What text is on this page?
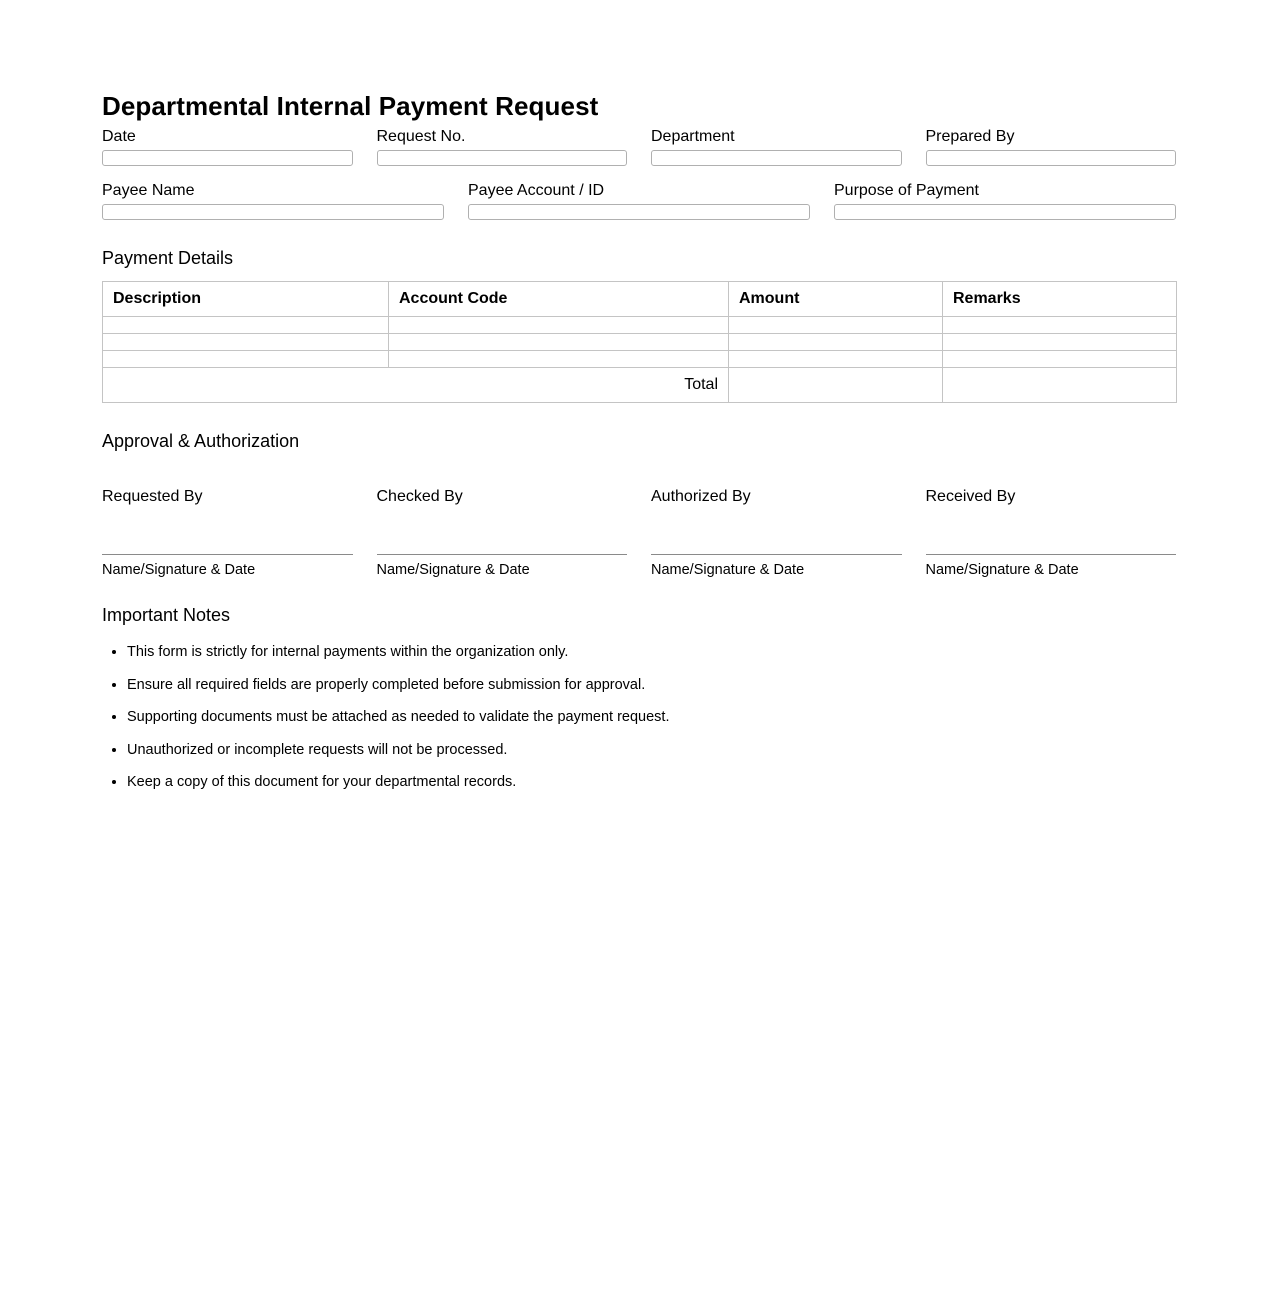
Departmental Internal Payment Request
Date	Request No.	Department	Prepared By
Payee Name	Payee Account / ID	Purpose of Payment
Payment Details
Description	Account Code	Amount	Remarks

Total			
Approval & Authorization
Requested By
Name/Signature & Date
Checked By
Name/Signature & Date
Authorized By
Name/Signature & Date
Received By
Name/Signature & Date
Important Notes
• This form is strictly for internal payments within the organization only.
• Ensure all required fields are properly completed before submission for approval.
• Supporting documents must be attached as needed to validate the payment request.
• Unauthorized or incomplete requests will not be processed.
• Keep a copy of this document for your departmental records.
